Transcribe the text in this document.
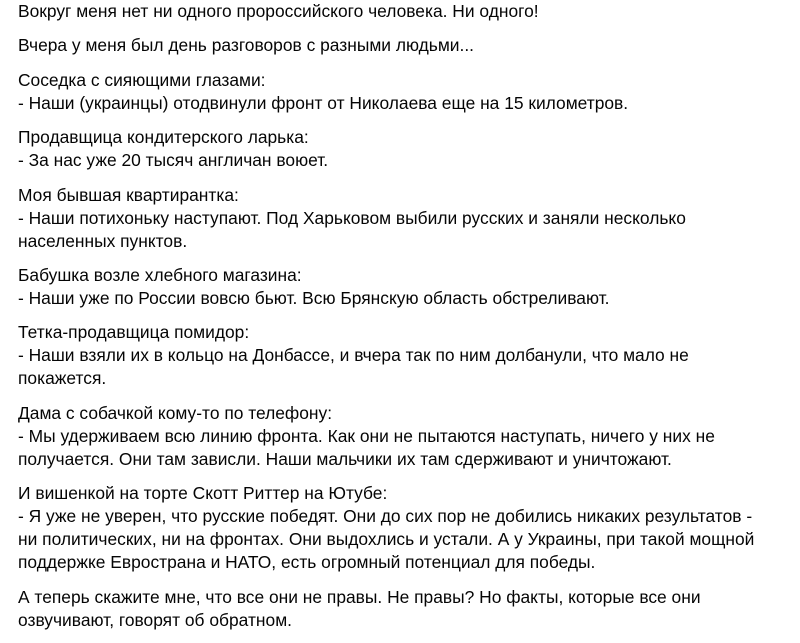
Вокруг меня нет ни одного пророссийского человека. Ни одного!

Вчера у меня был день разговоров с разными людьми...

Соседка с сияющими глазами:
- Наши (украинцы) отодвинули фронт от Николаева еще на 15 километров.

Продавщица кондитерского ларька:
- За нас уже 20 тысяч англичан воюет.

Моя бывшая квартирантка:
- Наши потихоньку наступают. Под Харьковом выбили русских и заняли несколько
населенных пунктов.

Бабушка возле хлебного магазина:
- Наши уже по России вовсю бьют. Всю Брянскую область обстреливают.

Тетка-продавщица помидор:
- Наши взяли их в кольцо на Донбассе, и вчера так по ним долбанули, что мало не
покажется.

Дама с собачкой кому-то по телефону:
- Мы удерживаем всю линию фронта. Как они не пытаются наступать, ничего у них не
получается. Они там зависли. Наши мальчики их там сдерживают и уничтожают.

И вишенкой на торте Скотт Риттер на Ютубе:
- Я уже не уверен, что русские победят. Они до сих пор не добились никаких результатов -
ни политических, ни на фронтах. Они выдохлись и устали. А у Украины, при такой мощной
поддержке Евространа и НАТО, есть огромный потенциал для победы.

А теперь скажите мне, что все они не правы. Не правы? Но факты, которые все они
озвучивают, говорят об обратном.
